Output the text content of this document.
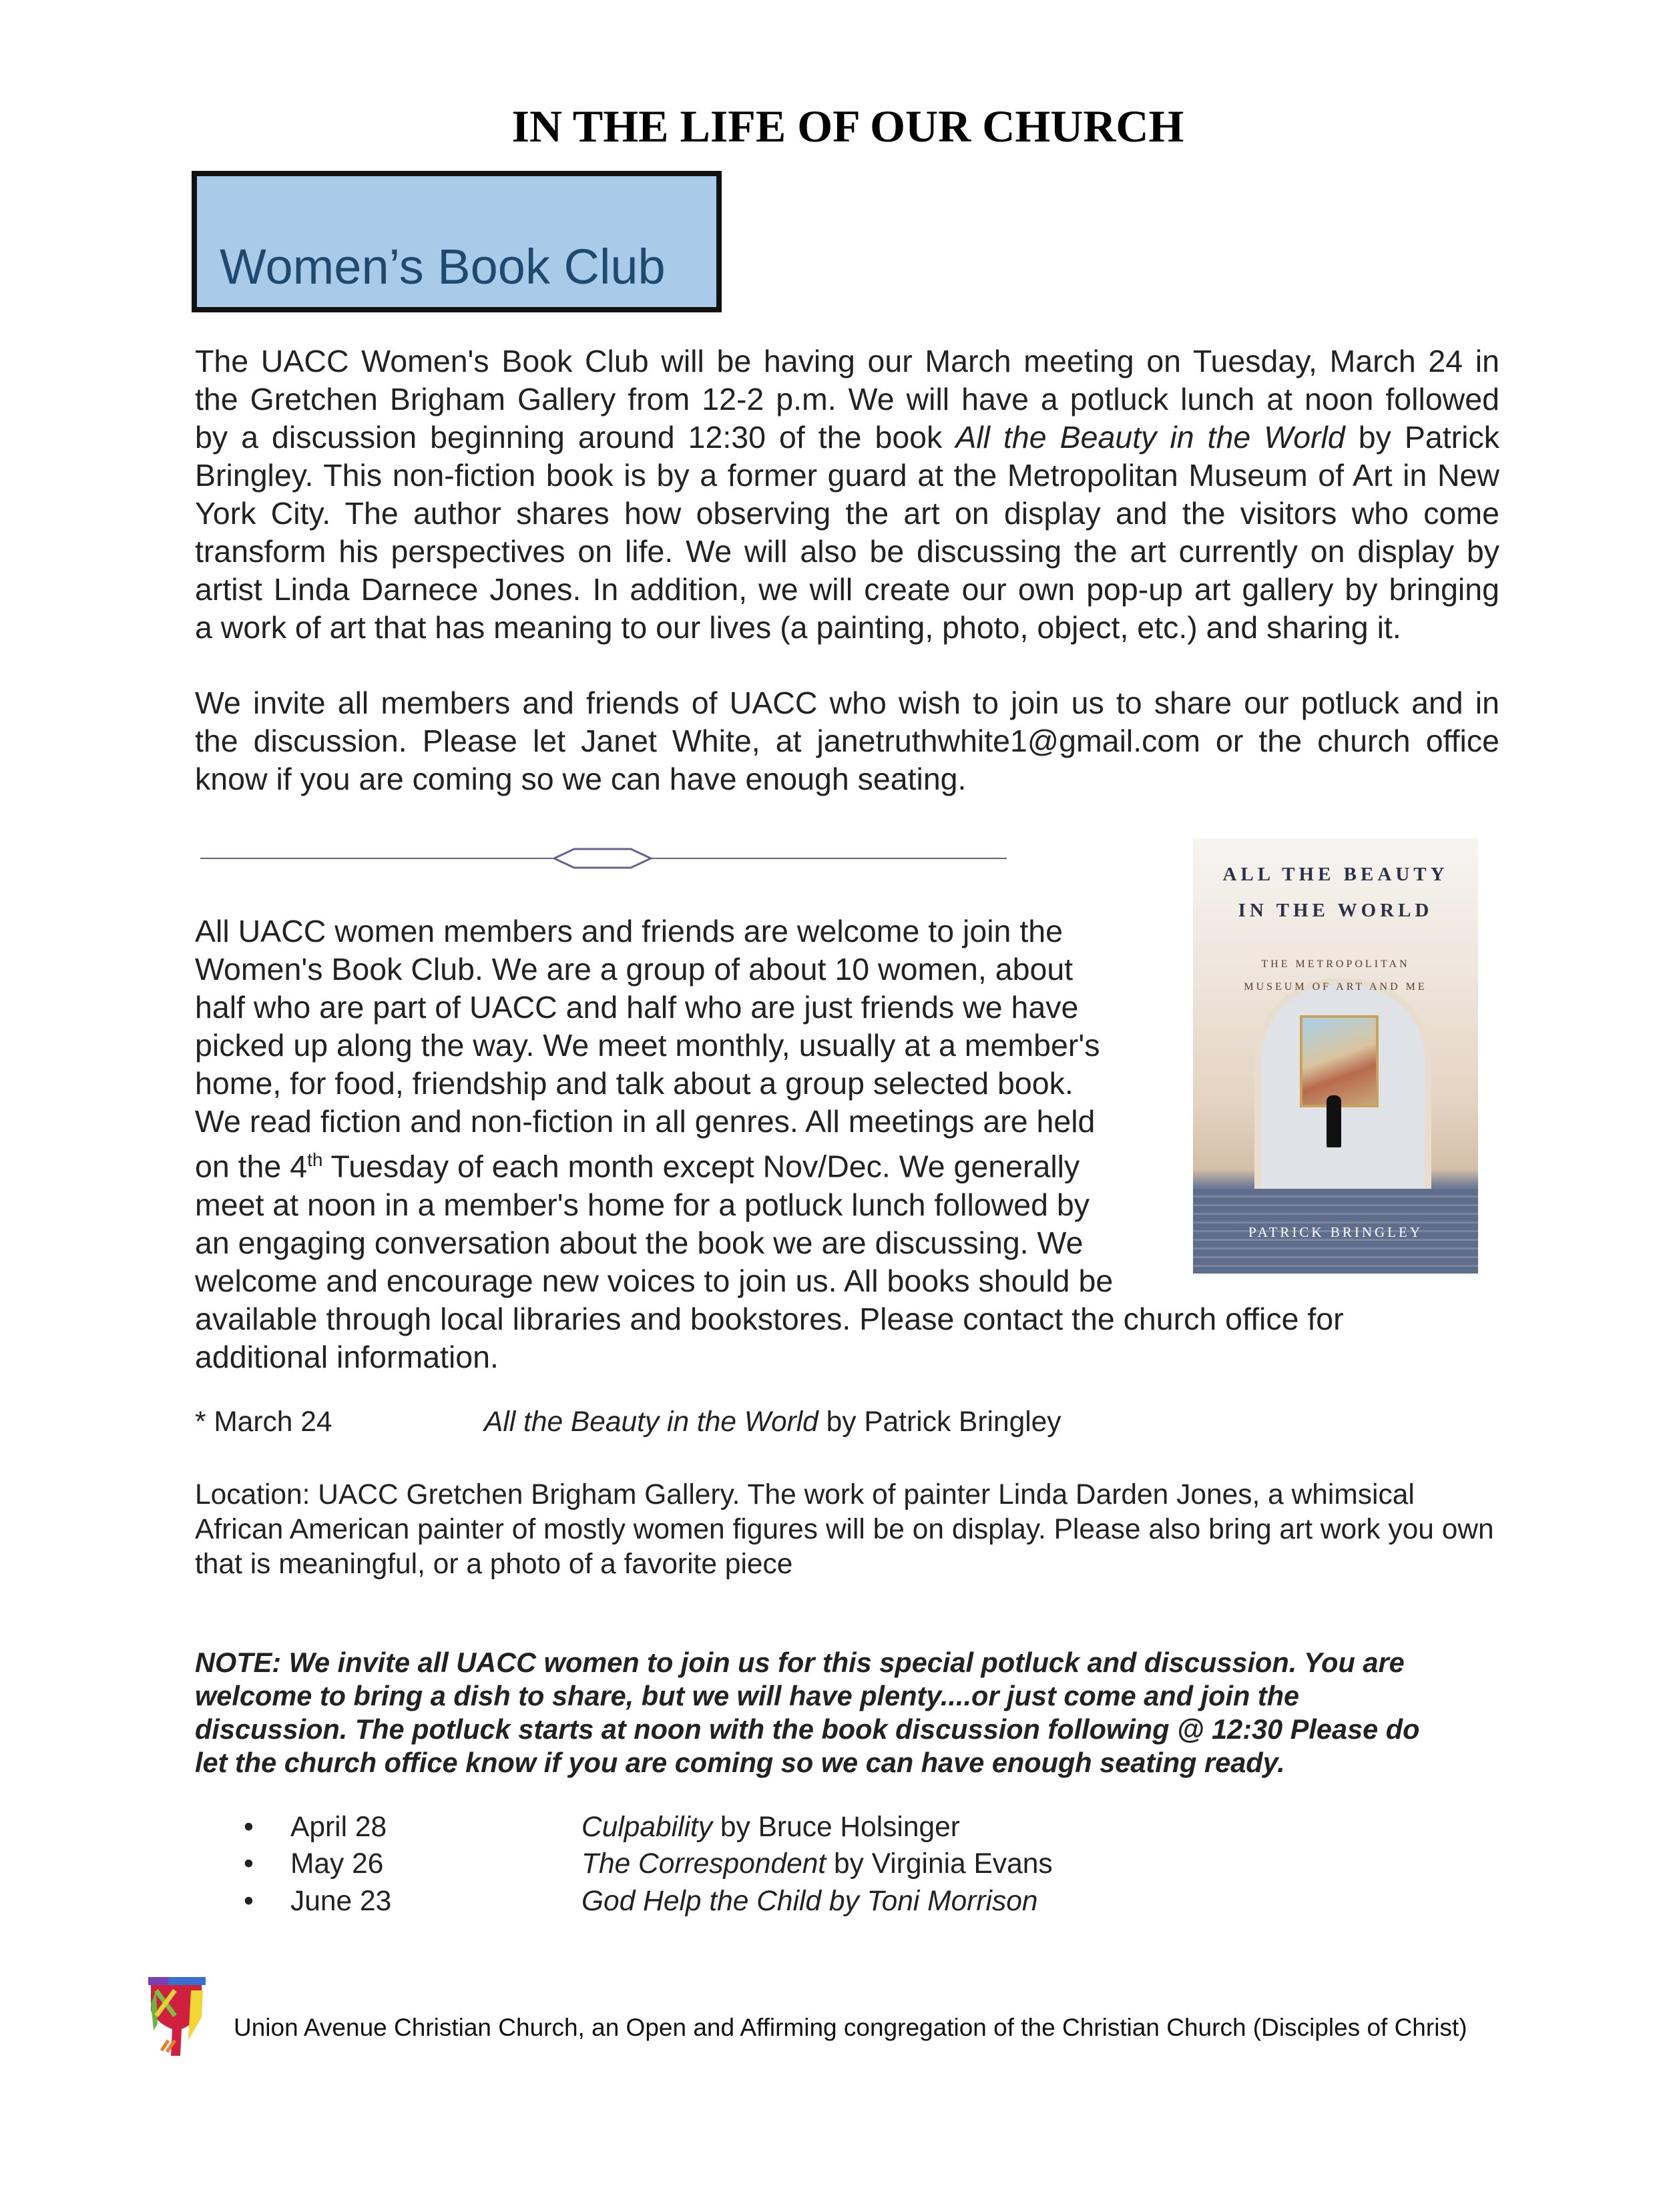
IN THE LIFE OF OUR CHURCH
Women’s Book Club
The UACC Women's Book Club will be having our March meeting on Tuesday, March 24 in
the Gretchen Brigham Gallery from 12-2 p.m. We will have a potluck lunch at noon followed
by a discussion beginning around 12:30 of the book All the Beauty in the World by Patrick
Bringley. This non-fiction book is by a former guard at the Metropolitan Museum of Art in New
York City. The author shares how observing the art on display and the visitors who come
transform his perspectives on life. We will also be discussing the art currently on display by
artist Linda Darnece Jones. In addition, we will create our own pop-up art gallery by bringing
a work of art that has meaning to our lives (a painting, photo, object, etc.) and sharing it.
We invite all members and friends of UACC who wish to join us to share our potluck and in
the discussion. Please let Janet White, at janetruthwhite1@gmail.com or the church office
know if you are coming so we can have enough seating.
ALL THE BEAUTY
IN THE WORLD
THE METROPOLITAN
MUSEUM OF ART AND ME
PATRICK BRINGLEY
All UACC women members and friends are welcome to join the
Women's Book Club. We are a group of about 10 women, about
half who are part of UACC and half who are just friends we have
picked up along the way. We meet monthly, usually at a member's
home, for food, friendship and talk about a group selected book.
We read fiction and non-fiction in all genres. All meetings are held
on the 4th Tuesday of each month except Nov/Dec. We generally
meet at noon in a member's home for a potluck lunch followed by
an engaging conversation about the book we are discussing. We
welcome and encourage new voices to join us. All books should be
available through local libraries and bookstores. Please contact the church office for
additional information.
* March 24	All the Beauty in the World by Patrick Bringley
Location: UACC Gretchen Brigham Gallery. The work of painter Linda Darden Jones, a whimsical
African American painter of mostly women figures will be on display. Please also bring art work you own
that is meaningful, or a photo of a favorite piece
NOTE: We invite all UACC women to join us for this special potluck and discussion. You are
welcome to bring a dish to share, but we will have plenty....or just come and join the
discussion. The potluck starts at noon with the book discussion following @ 12:30 Please do
let the church office know if you are coming so we can have enough seating ready.
• April 28	Culpability by Bruce Holsinger
• May 26	The Correspondent by Virginia Evans
• June 23	God Help the Child by Toni Morrison
Union Avenue Christian Church, an Open and Affirming congregation of the Christian Church (Disciples of Christ)
